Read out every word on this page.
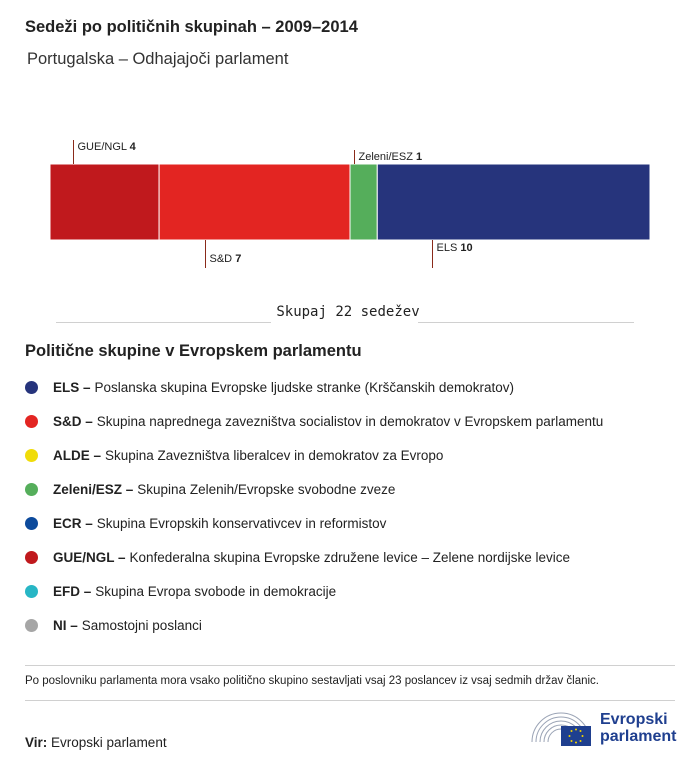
Sedeži po političnih skupinah – 2009–2014
Portugalska – Odhajajoči parlament
GUE/NGL 4
S&D 7
Zeleni/ESZ 1
ELS 10
Skupaj 22 sedežev
Politične skupine v Evropskem parlamentu
ELS – Poslanska skupina Evropske ljudske stranke (Krščanskih demokratov)
S&D – Skupina naprednega zavezništva socialistov in demokratov v Evropskem parlamentu
ALDE – Skupina Zavezništva liberalcev in demokratov za Evropo
Zeleni/ESZ – Skupina Zelenih/Evropske svobodne zveze
ECR – Skupina Evropskih konservativcev in reformistov
GUE/NGL – Konfederalna skupina Evropske združene levice – Zelene nordijske levice
EFD – Skupina Evropa svobode in demokracije
NI – Samostojni poslanci
Po poslovniku parlamenta mora vsako politično skupino sestavljati vsaj 23 poslancev iz vsaj sedmih držav članic.
Vir: Evropski parlament
Evropski
parlament
